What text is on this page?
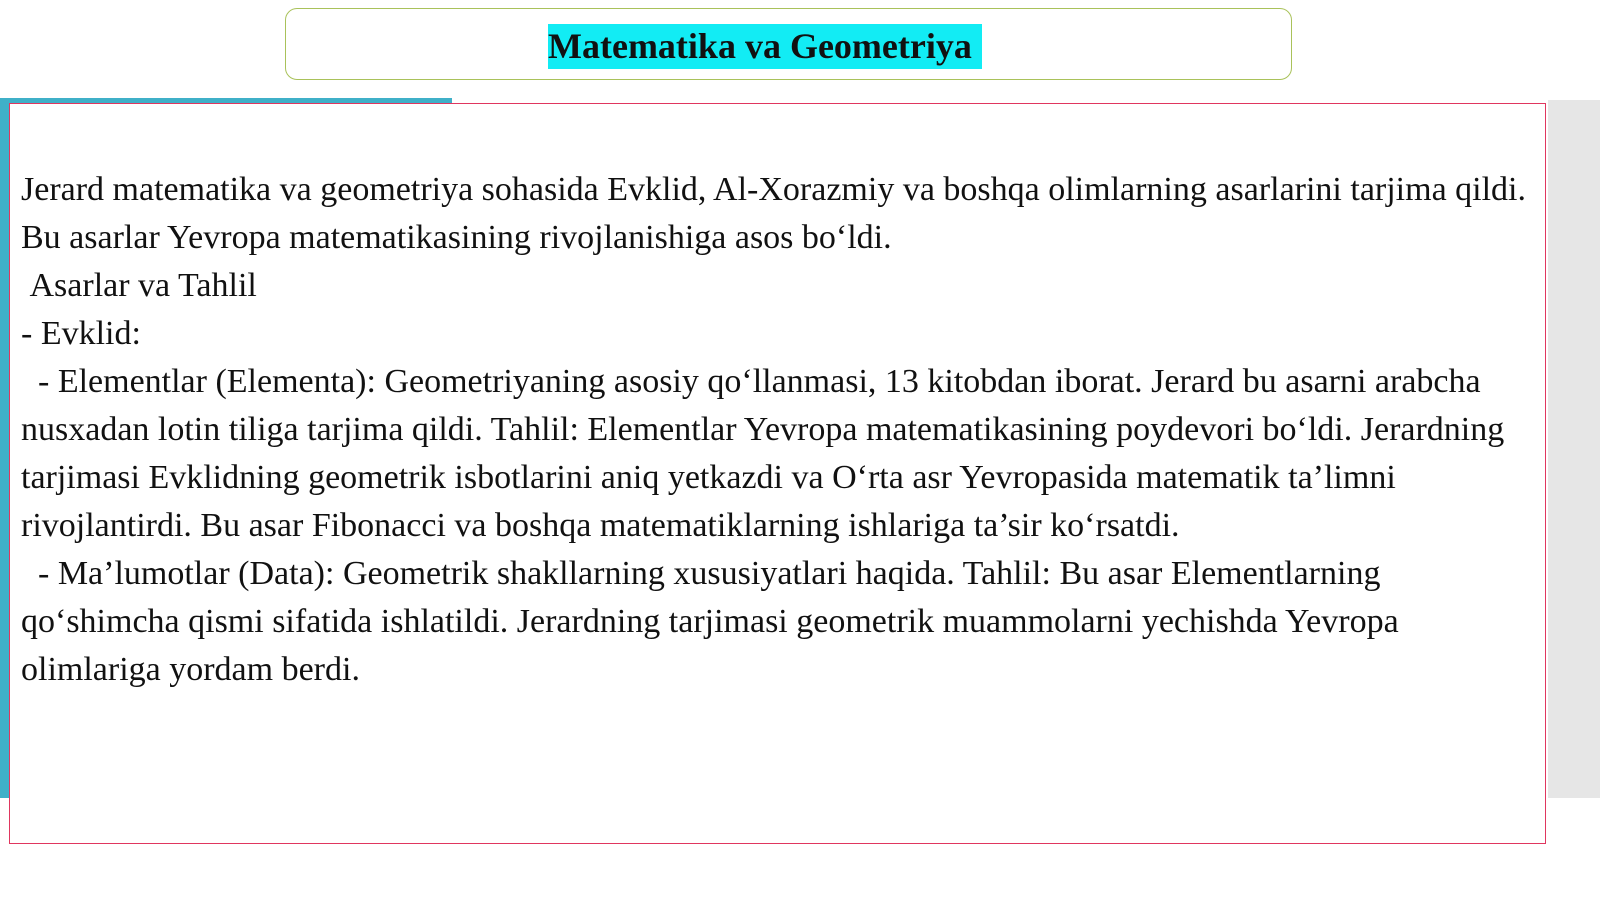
Matematika va Geometriya

Jerard matematika va geometriya sohasida Evklid, Al-Xorazmiy va boshqa olimlarning asarlarini tarjima qildi. Bu asarlar Yevropa matematikasining rivojlanishiga asos bo‘ldi.

Asarlar va Tahlil

- Evklid:

- Elementlar (Elementa): Geometriyaning asosiy qo‘llanmasi, 13 kitobdan iborat. Jerard bu asarni arabcha nusxadan lotin tiliga tarjima qildi. Tahlil: Elementlar Yevropa matematikasining poydevori bo‘ldi. Jerardning tarjimasi Evklidning geometrik isbotlarini aniq yetkazdi va O‘rta asr Yevropasida matematik ta’limni rivojlantirdi. Bu asar Fibonacci va boshqa matematiklarning ishlariga ta’sir ko‘rsatdi.

- Ma’lumotlar (Data): Geometrik shakllarning xususiyatlari haqida. Tahlil: Bu asar Elementlarning qo‘shimcha qismi sifatida ishlatildi. Jerardning tarjimasi geometrik muammolarni yechishda Yevropa olimlariga yordam berdi.
